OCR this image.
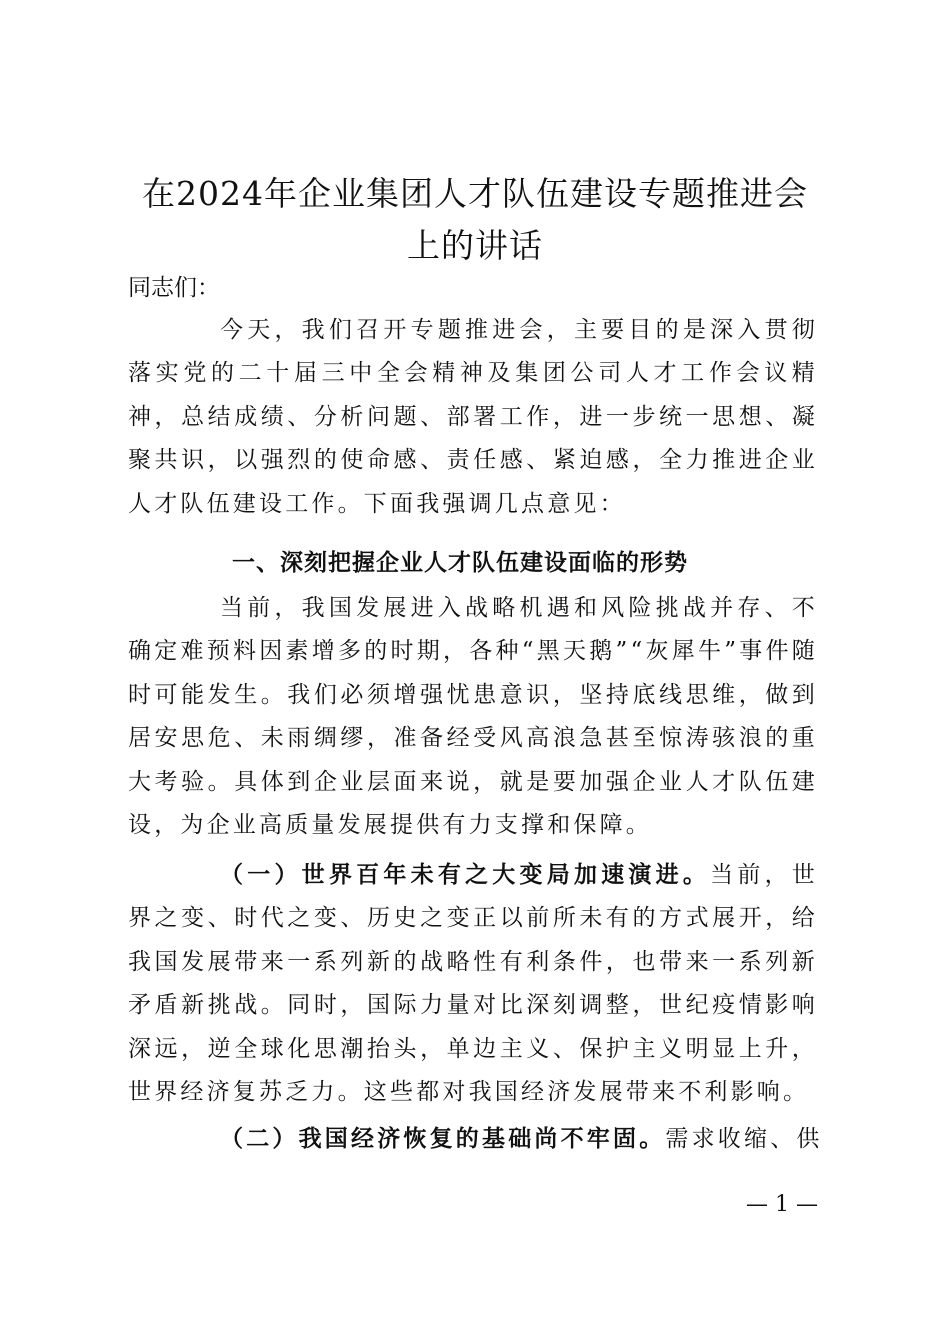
在2024年企业集团人才队伍建设专题推进会
上的讲话

同志们：

今天，我们召开专题推进会，主要目的是深入贯彻落实党的二十届三中全会精神及集团公司人才工作会议精神，总结成绩、分析问题、部署工作，进一步统一思想、凝聚共识，以强烈的使命感、责任感、紧迫感，全力推进企业人才队伍建设工作。下面我强调几点意见：

一、深刻把握企业人才队伍建设面临的形势

当前，我国发展进入战略机遇和风险挑战并存、不确定难预料因素增多的时期，各种“黑天鹅”“灰犀牛”事件随时可能发生。我们必须增强忧患意识，坚持底线思维，做到居安思危、未雨绸缪，准备经受风高浪急甚至惊涛骇浪的重大考验。具体到企业层面来说，就是要加强企业人才队伍建设，为企业高质量发展提供有力支撑和保障。

（一）世界百年未有之大变局加速演进。当前，世界之变、时代之变、历史之变正以前所未有的方式展开，给我国发展带来一系列新的战略性有利条件，也带来一系列新矛盾新挑战。同时，国际力量对比深刻调整，世纪疫情影响深远，逆全球化思潮抬头，单边主义、保护主义明显上升，世界经济复苏乏力。这些都对我国经济发展带来不利影响。

（二）我国经济恢复的基础尚不牢固。需求收缩、供

— 1 —
